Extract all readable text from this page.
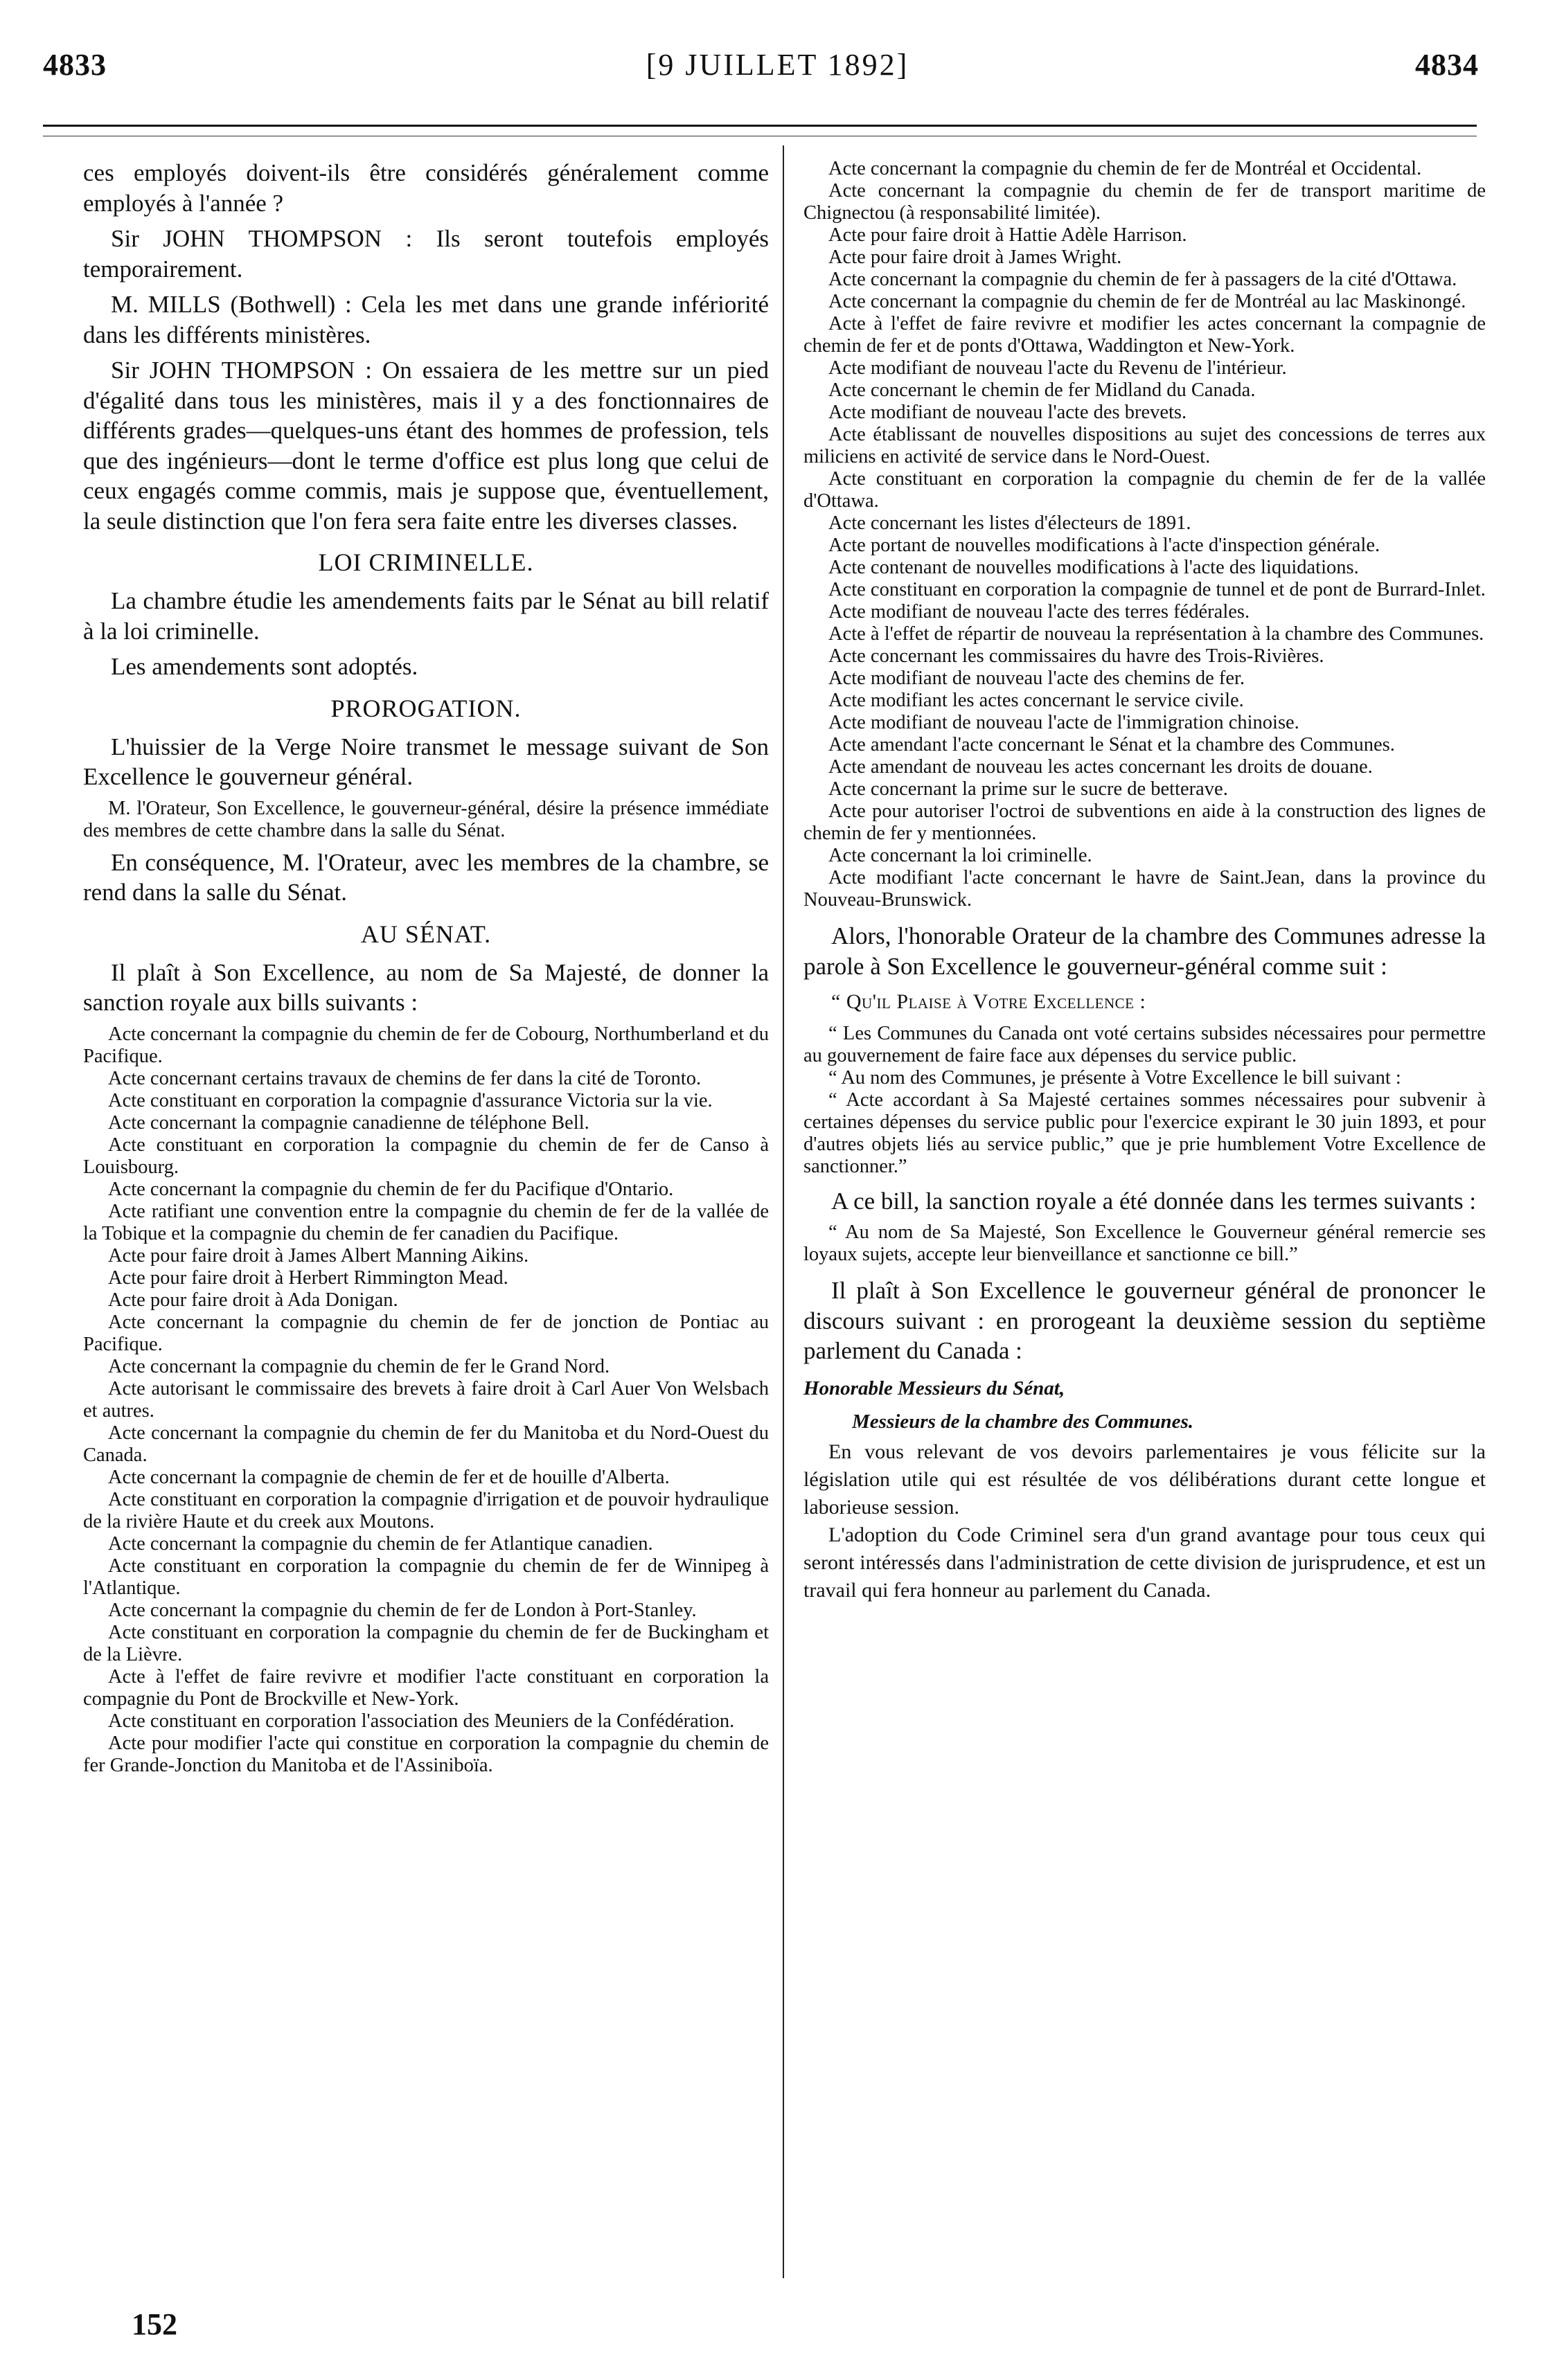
4833	[9 JUILLET 1892]	4834

ces employés doivent-ils être considérés généralement comme employés à l'année ?

Sir JOHN THOMPSON : Ils seront toutefois employés temporairement.

M. MILLS (Bothwell) : Cela les met dans une grande infériorité dans les différents ministères.

Sir JOHN THOMPSON : On essaiera de les mettre sur un pied d'égalité dans tous les ministères, mais il y a des fonctionnaires de différents grades—quelques-uns étant des hommes de profession, tels que des ingénieurs—dont le terme d'office est plus long que celui de ceux engagés comme commis, mais je suppose que, éventuellement, la seule distinction que l'on fera sera faite entre les diverses classes.

LOI CRIMINELLE.

La chambre étudie les amendements faits par le Sénat au bill relatif à la loi criminelle.

Les amendements sont adoptés.

PROROGATION.

L'huissier de la Verge Noire transmet le message suivant de Son Excellence le gouverneur général.

M. l'Orateur, Son Excellence, le gouverneur-général, désire la présence immédiate des membres de cette chambre dans la salle du Sénat.

En conséquence, M. l'Orateur, avec les membres de la chambre, se rend dans la salle du Sénat.

AU SÉNAT.

Il plaît à Son Excellence, au nom de Sa Majesté, de donner la sanction royale aux bills suivants :

Acte concernant la compagnie du chemin de fer de Cobourg, Northumberland et du Pacifique.

Acte concernant certains travaux de chemins de fer dans la cité de Toronto.

Acte constituant en corporation la compagnie d'assurance Victoria sur la vie.

Acte concernant la compagnie canadienne de téléphone Bell.

Acte constituant en corporation la compagnie du chemin de fer de Canso à Louisbourg.

Acte concernant la compagnie du chemin de fer du Pacifique d'Ontario.

Acte ratifiant une convention entre la compagnie du chemin de fer de la vallée de la Tobique et la compagnie du chemin de fer canadien du Pacifique.

Acte pour faire droit à James Albert Manning Aikins.

Acte pour faire droit à Herbert Rimmington Mead.

Acte pour faire droit à Ada Donigan.

Acte concernant la compagnie du chemin de fer de jonction de Pontiac au Pacifique.

Acte concernant la compagnie du chemin de fer le Grand Nord.

Acte autorisant le commissaire des brevets à faire droit à Carl Auer Von Welsbach et autres.

Acte concernant la compagnie du chemin de fer du Manitoba et du Nord-Ouest du Canada.

Acte concernant la compagnie de chemin de fer et de houille d'Alberta.

Acte constituant en corporation la compagnie d'irrigation et de pouvoir hydraulique de la rivière Haute et du creek aux Moutons.

Acte concernant la compagnie du chemin de fer Atlantique canadien.

Acte constituant en corporation la compagnie du chemin de fer de Winnipeg à l'Atlantique.

Acte concernant la compagnie du chemin de fer de London à Port-Stanley.

Acte constituant en corporation la compagnie du chemin de fer de Buckingham et de la Lièvre.

Acte à l'effet de faire revivre et modifier l'acte constituant en corporation la compagnie du Pont de Brockville et New-York.

Acte constituant en corporation l'association des Meuniers de la Confédération.

Acte pour modifier l'acte qui constitue en corporation la compagnie du chemin de fer Grande-Jonction du Manitoba et de l'Assiniboïa.

Acte concernant la compagnie du chemin de fer de Montréal et Occidental.

Acte concernant la compagnie du chemin de fer de transport maritime de Chignectou (à responsabilité limitée).

Acte pour faire droit à Hattie Adèle Harrison.

Acte pour faire droit à James Wright.

Acte concernant la compagnie du chemin de fer à passagers de la cité d'Ottawa.

Acte concernant la compagnie du chemin de fer de Montréal au lac Maskinongé.

Acte à l'effet de faire revivre et modifier les actes concernant la compagnie de chemin de fer et de ponts d'Ottawa, Waddington et New-York.

Acte modifiant de nouveau l'acte du Revenu de l'intérieur.

Acte concernant le chemin de fer Midland du Canada.

Acte modifiant de nouveau l'acte des brevets.

Acte établissant de nouvelles dispositions au sujet des concessions de terres aux miliciens en activité de service dans le Nord-Ouest.

Acte constituant en corporation la compagnie du chemin de fer de la vallée d'Ottawa.

Acte concernant les listes d'électeurs de 1891.

Acte portant de nouvelles modifications à l'acte d'inspection générale.

Acte contenant de nouvelles modifications à l'acte des liquidations.

Acte constituant en corporation la compagnie de tunnel et de pont de Burrard-Inlet.

Acte modifiant de nouveau l'acte des terres fédérales.

Acte à l'effet de répartir de nouveau la représentation à la chambre des Communes.

Acte concernant les commissaires du havre des Trois-Rivières.

Acte modifiant de nouveau l'acte des chemins de fer.

Acte modifiant les actes concernant le service civile.

Acte modifiant de nouveau l'acte de l'immigration chinoise.

Acte amendant l'acte concernant le Sénat et la chambre des Communes.

Acte amendant de nouveau les actes concernant les droits de douane.

Acte concernant la prime sur le sucre de betterave.

Acte pour autoriser l'octroi de subventions en aide à la construction des lignes de chemin de fer y mentionnées.

Acte concernant la loi criminelle.

Acte modifiant l'acte concernant le havre de Saint.Jean, dans la province du Nouveau-Brunswick.

Alors, l'honorable Orateur de la chambre des Communes adresse la parole à Son Excellence le gouverneur-général comme suit :

“ Qu'il Plaise à Votre Excellence :

“ Les Communes du Canada ont voté certains subsides nécessaires pour permettre au gouvernement de faire face aux dépenses du service public.

“ Au nom des Communes, je présente à Votre Excellence le bill suivant :

“ Acte accordant à Sa Majesté certaines sommes nécessaires pour subvenir à certaines dépenses du service public pour l'exercice expirant le 30 juin 1893, et pour d'autres objets liés au service public,” que je prie humblement Votre Excellence de sanctionner.”

A ce bill, la sanction royale a été donnée dans les termes suivants :

“ Au nom de Sa Majesté, Son Excellence le Gouverneur général remercie ses loyaux sujets, accepte leur bienveillance et sanctionne ce bill.”

Il plaît à Son Excellence le gouverneur général de prononcer le discours suivant : en prorogeant la deuxième session du septième parlement du Canada :

Honorable Messieurs du Sénat,

Messieurs de la chambre des Communes.

En vous relevant de vos devoirs parlementaires je vous félicite sur la législation utile qui est résultée de vos délibérations durant cette longue et laborieuse session.

L'adoption du Code Criminel sera d'un grand avantage pour tous ceux qui seront intéressés dans l'administration de cette division de jurisprudence, et est un travail qui fera honneur au parlement du Canada.

152
